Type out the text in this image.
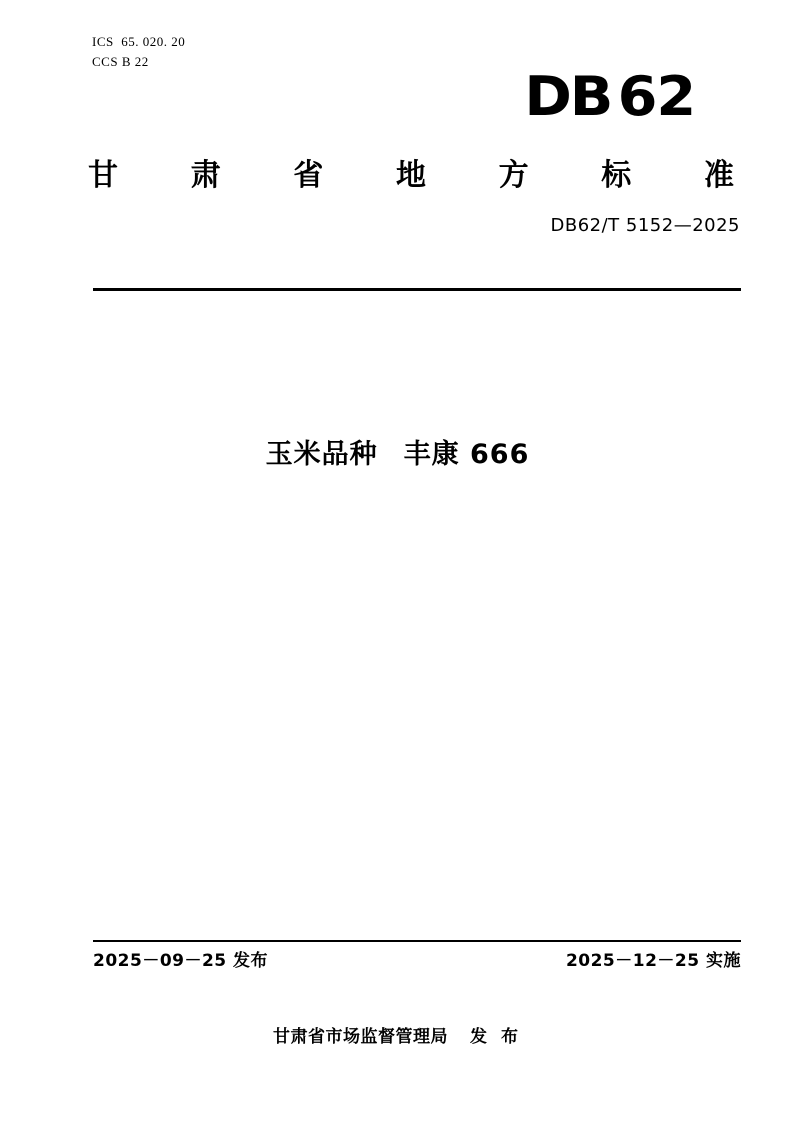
ICS  65. 020. 20
CCS B 22
DB 62
甘 肃 省 地 方 标 准
DB62/T 5152—2025
玉米品种 丰康 666
2025－09－25 发布	2025－12－25 实施
甘肃省市场监督管理局 发 布
